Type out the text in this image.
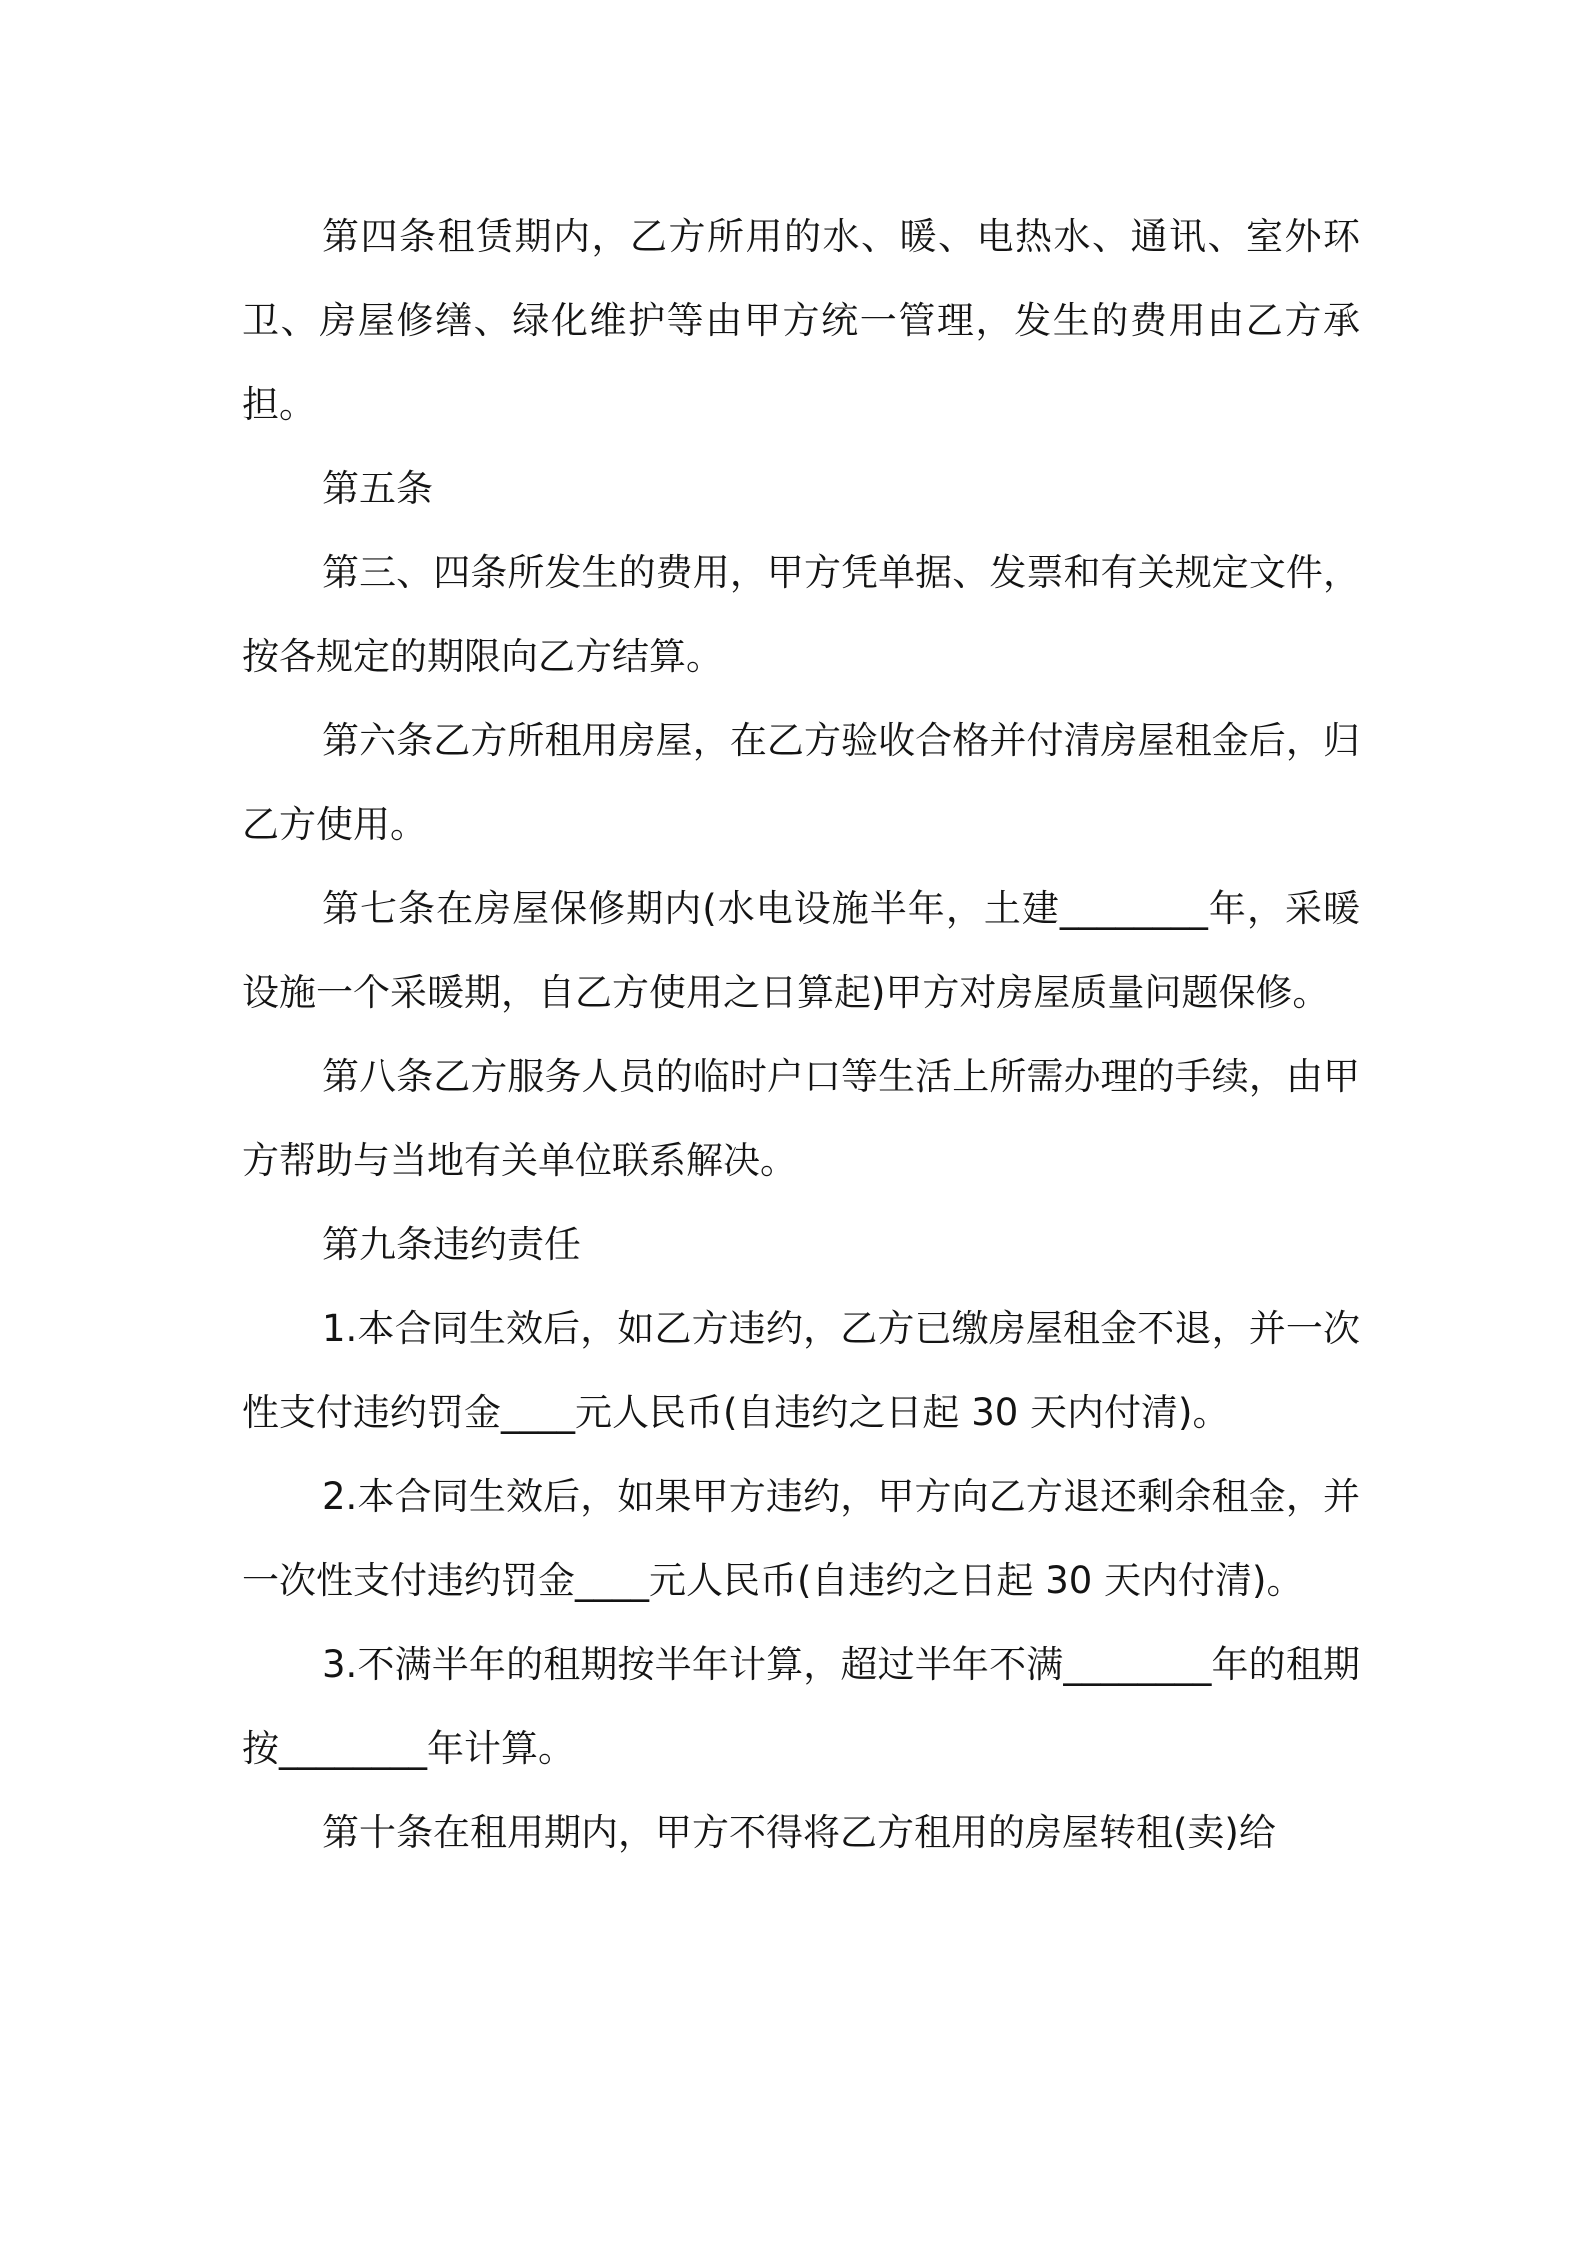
第四条租赁期内，乙方所用的水、暖、电热水、通讯、室外环卫、房屋修缮、绿化维护等由甲方统一管理，发生的费用由乙方承担。

第五条

第三、四条所发生的费用，甲方凭单据、发票和有关规定文件，按各规定的期限向乙方结算。

第六条乙方所租用房屋，在乙方验收合格并付清房屋租金后，归乙方使用。

第七条在房屋保修期内(水电设施半年，土建________年，采暖设施一个采暖期，自乙方使用之日算起)甲方对房屋质量问题保修。

第八条乙方服务人员的临时户口等生活上所需办理的手续，由甲方帮助与当地有关单位联系解决。

第九条违约责任

1.本合同生效后，如乙方违约，乙方已缴房屋租金不退，并一次性支付违约罚金____元人民币(自违约之日起 30 天内付清)。

2.本合同生效后，如果甲方违约，甲方向乙方退还剩余租金，并一次性支付违约罚金____元人民币(自违约之日起 30 天内付清)。

3.不满半年的租期按半年计算，超过半年不满________年的租期按________年计算。

第十条在租用期内，甲方不得将乙方租用的房屋转租(卖)给
